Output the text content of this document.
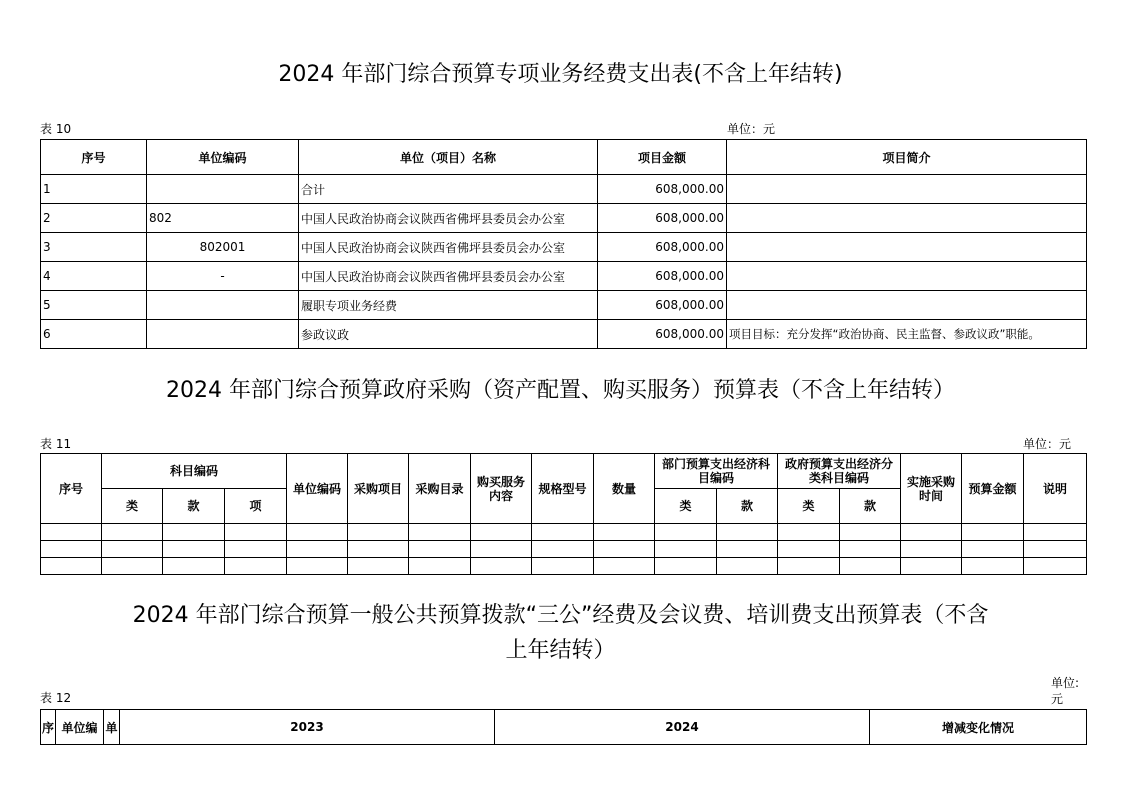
2024 年部门综合预算专项业务经费支出表(不含上年结转)
表 10	单位：元
序号	单位编码	单位（项目）名称	项目金额	项目简介
1		合计	608,000.00	
2	802	中国人民政治协商会议陕西省佛坪县委员会办公室	608,000.00	
3	802001	中国人民政治协商会议陕西省佛坪县委员会办公室	608,000.00	
4	-	中国人民政治协商会议陕西省佛坪县委员会办公室	608,000.00	
5		履职专项业务经费	608,000.00	
6		参政议政	608,000.00	项目目标：充分发挥“政治协商、民主监督、参政议政”职能。
2024 年部门综合预算政府采购（资产配置、购买服务）预算表（不含上年结转）
表 11	单位：元
序号	科目编码			单位编码	采购项目	采购目录	购买服务内容	规格型号	数量	部门预算支出经济科目编码		政府预算支出经济分类科目编码		实施采购时间	预算金额	说明
	类	款	项							类	款	类	款			

2024 年部门综合预算一般公共预算拨款“三公”经费及会议费、培训费支出预算表（不含
上年结转）
表 12
单位:
元
序	单位编	单	2023	2024	增减变化情况
